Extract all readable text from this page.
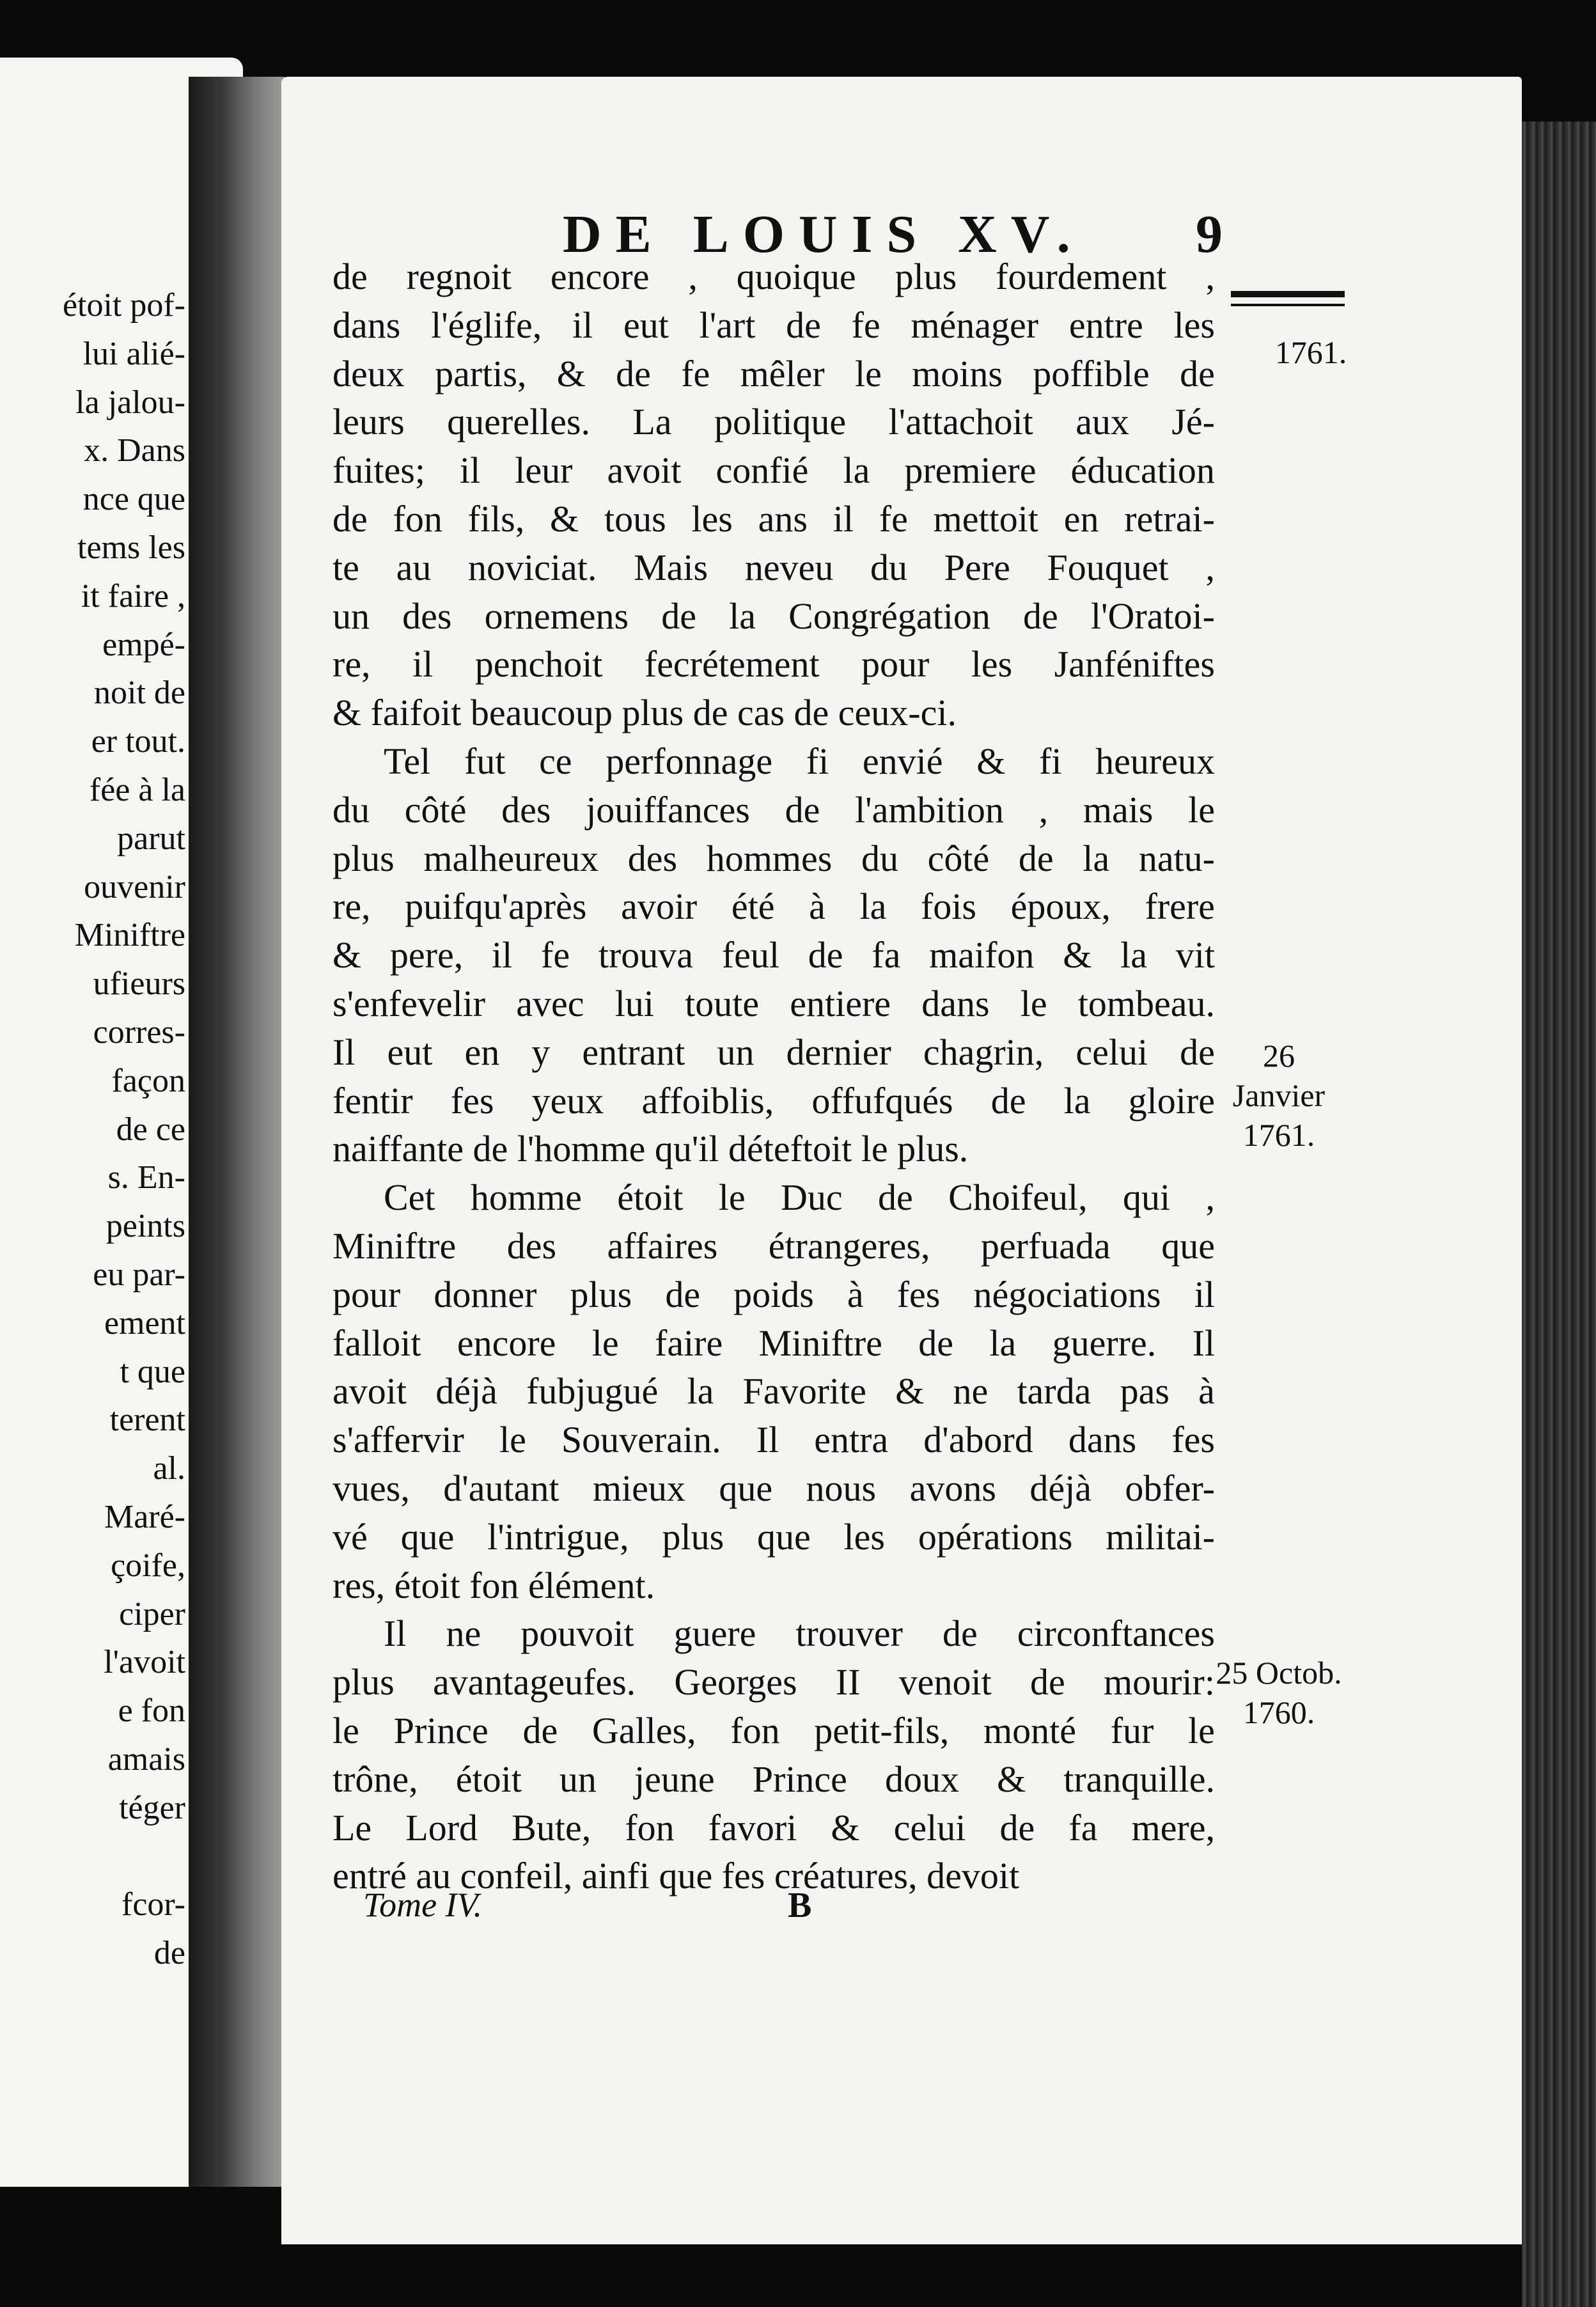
étoit pof-
lui alié-
la jalou-
x. Dans
nce que
tems les
it faire ,
empé-
noit de
er tout.
fée à la
parut
ouvenir
Miniftre
ufieurs
corres-
façon
de ce
s. En-
peints
eu par-
ement
t que
terent
al.
Maré-
çoife,
ciper
l'avoit
e fon
amais
téger
fcor-
de
DE LOUIS XV.	9
de regnoit encore , quoique plus fourdement ,
dans l'églife, il eut l'art de fe ménager entre les
deux partis, & de fe mêler le moins poffible de
leurs querelles. La politique l'attachoit aux Jé-
fuites; il leur avoit confié la premiere éducation
de fon fils, & tous les ans il fe mettoit en retrai-
te au noviciat. Mais neveu du Pere Fouquet ,
un des ornemens de la Congrégation de l'Oratoi-
re, il penchoit fecrétement pour les Janféniftes
& faifoit beaucoup plus de cas de ceux-ci.
Tel fut ce perfonnage fi envié & fi heureux
du côté des jouiffances de l'ambition , mais le
plus malheureux des hommes du côté de la natu-
re, puifqu'après avoir été à la fois époux, frere
& pere, il fe trouva feul de fa maifon & la vit
s'enfevelir avec lui toute entiere dans le tombeau.
Il eut en y entrant un dernier chagrin, celui de
fentir fes yeux affoiblis, offufqués de la gloire
naiffante de l'homme qu'il déteftoit le plus.
Cet homme étoit le Duc de Choifeul, qui ,
Miniftre des affaires étrangeres, perfuada que
pour donner plus de poids à fes négociations il
falloit encore le faire Miniftre de la guerre. Il
avoit déjà fubjugué la Favorite & ne tarda pas à
s'affervir le Souverain. Il entra d'abord dans fes
vues, d'autant mieux que nous avons déjà obfer-
vé que l'intrigue, plus que les opérations militai-
res, étoit fon élément.
Il ne pouvoit guere trouver de circonftances
plus avantageufes. Georges II venoit de mourir:
le Prince de Galles, fon petit-fils, monté fur le
trône, étoit un jeune Prince doux & tranquille.
Le Lord Bute, fon favori & celui de fa mere,
entré au confeil, ainfi que fes créatures, devoit
1761.
26 Janvier 1761.
25 Octob. 1760.
Tome IV.	B
